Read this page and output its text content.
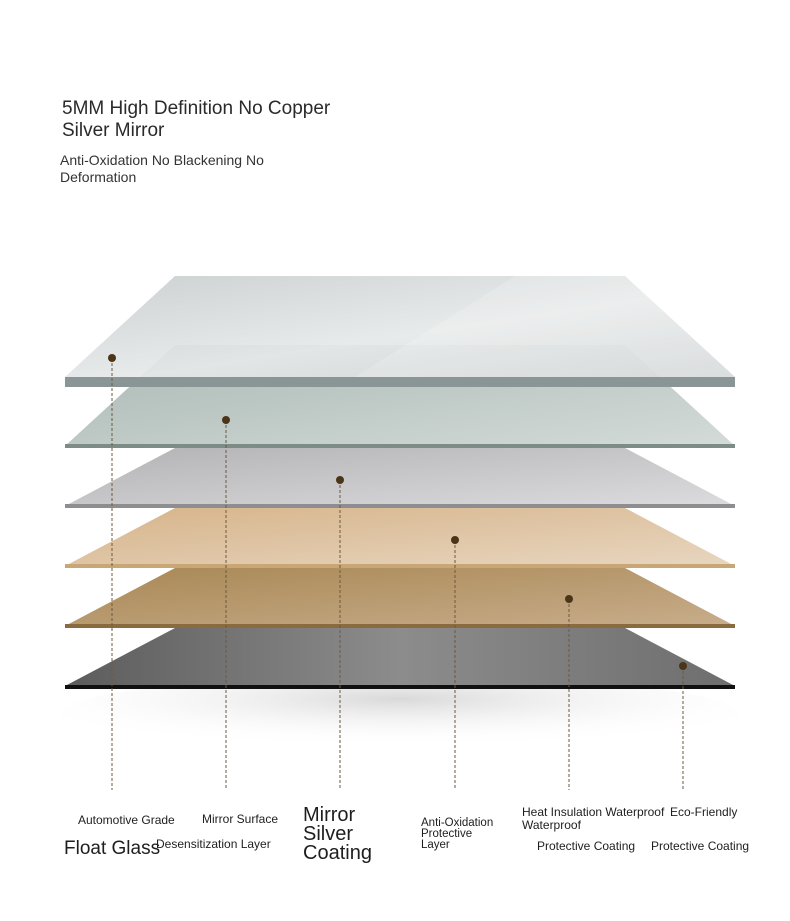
5MM High Definition No Copper
Silver Mirror
Anti-Oxidation No Blackening No
Deformation
Automotive Grade
Float Glass
Mirror Surface
Desensitization Layer
Mirror
Silver
Coating
Anti-Oxidation
Protective
Layer
Heat Insulation Waterproof
Waterproof
Protective Coating
Eco-Friendly
Protective Coating
